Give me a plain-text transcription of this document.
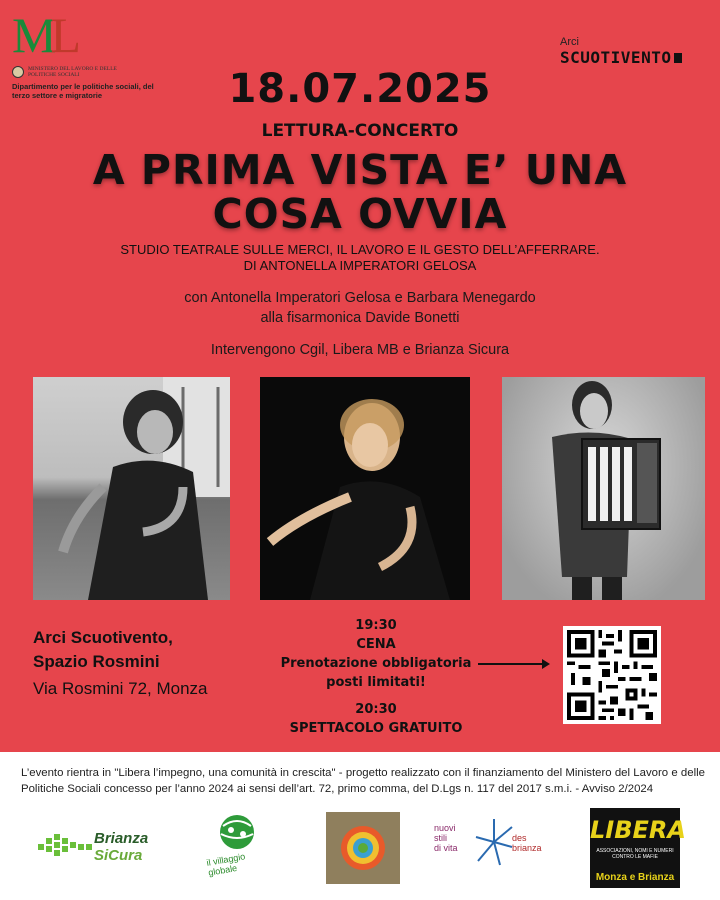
ML
MINISTERO DEL LAVORO E DELLE POLITICHE SOCIALI
Dipartimento per le politiche sociali, del terzo settore e migratorie
Arci
SCUOTIVENTO
18.07.2025
LETTURA-CONCERTO
A PRIMA VISTA E’ UNA
COSA OVVIA
STUDIO TEATRALE SULLE MERCI, IL LAVORO E IL GESTO DELL’AFFERRARE.
DI ANTONELLA IMPERATORI GELOSA
con Antonella Imperatori Gelosa e Barbara Menegardo
alla fisarmonica Davide Bonetti
Intervengono Cgil, Libera MB e Brianza Sicura
Arci Scuotivento,
Spazio Rosmini
Via Rosmini 72, Monza
19:30
CENA
Prenotazione obbligatoria
posti limitati!
20:30
SPETTACOLO GRATUITO
L’evento rientra in "Libera l’impegno, una comunità in crescita" - progetto realizzato con il finanziamento del Ministero del Lavoro e delle Politiche Sociali concesso per l’anno 2024 ai sensi dell’art. 72, primo comma, del D.Lgs n. 117 del 2017 s.m.i. - Avviso 2/2024
Brianza
SiCura	il villaggio globale
nuovi
stili
di vita
des
brianza
LIBERA
ASSOCIAZIONI, NOMI E NUMERI CONTRO LE MAFIE
Monza e Brianza
